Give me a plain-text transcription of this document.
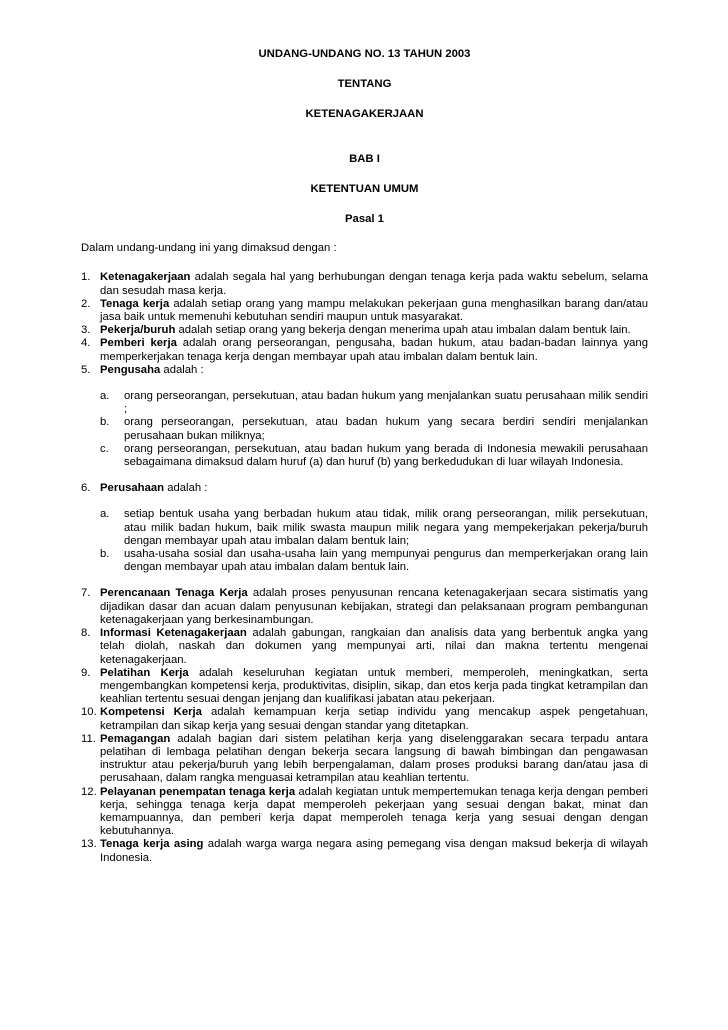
UNDANG-UNDANG NO. 13 TAHUN 2003
TENTANG
KETENAGAKERJAAN
BAB I
KETENTUAN UMUM
Pasal 1
Dalam undang-undang ini yang dimaksud dengan :
1. Ketenagakerjaan adalah segala hal yang berhubungan dengan tenaga kerja pada waktu sebelum, selama dan sesudah masa kerja.
2. Tenaga kerja adalah setiap orang yang mampu melakukan pekerjaan guna menghasilkan barang dan/atau jasa baik untuk memenuhi kebutuhan sendiri maupun untuk masyarakat.
3. Pekerja/buruh adalah setiap orang yang bekerja dengan menerima upah atau imbalan dalam bentuk lain.
4. Pemberi kerja adalah orang perseorangan, pengusaha, badan hukum, atau badan-badan lainnya yang memperkerjakan tenaga kerja dengan membayar upah atau imbalan dalam bentuk lain.
5. Pengusaha adalah :
a.	orang perseorangan, persekutuan, atau badan hukum yang menjalankan suatu perusahaan milik sendiri ;
b.	orang perseorangan, persekutuan, atau badan hukum yang secara berdiri sendiri menjalankan perusahaan bukan miliknya;
c.	orang perseorangan, persekutuan, atau badan hukum yang berada di Indonesia mewakili perusahaan sebagaimana dimaksud dalam huruf (a) dan huruf (b) yang berkedudukan di luar wilayah Indonesia.
6. Perusahaan adalah :
a.	setiap bentuk usaha yang berbadan hukum atau tidak, milik orang perseorangan, milik persekutuan, atau milik badan hukum, baik milik swasta maupun milik negara yang mempekerjakan pekerja/buruh dengan membayar upah atau imbalan dalam bentuk lain;
b.	usaha-usaha sosial dan usaha-usaha lain yang mempunyai pengurus dan memperkerjakan orang lain dengan membayar upah atau imbalan dalam bentuk lain.
7. Perencanaan Tenaga Kerja adalah proses penyusunan rencana ketenagakerjaan secara sistimatis yang dijadikan dasar dan acuan dalam penyusunan kebijakan, strategi dan pelaksanaan program pembangunan ketenagakerjaan yang berkesinambungan.
8. Informasi Ketenagakerjaan adalah gabungan, rangkaian dan analisis data yang berbentuk angka yang telah diolah, naskah dan dokumen yang mempunyai arti, nilai dan makna tertentu mengenai ketenagakerjaan.
9. Pelatihan Kerja adalah keseluruhan kegiatan untuk memberi, memperoleh, meningkatkan, serta mengembangkan kompetensi kerja, produktivitas, disiplin, sikap, dan etos kerja pada tingkat ketrampilan dan keahlian tertentu sesuai dengan jenjang dan kualifikasi jabatan atau pekerjaan.
10. Kompetensi Kerja adalah kemampuan kerja setiap individu yang mencakup aspek pengetahuan, ketrampilan dan sikap kerja yang sesuai dengan standar yang ditetapkan.
11. Pemagangan adalah bagian dari sistem pelatihan kerja yang diselenggarakan secara terpadu antara pelatihan di lembaga pelatihan dengan bekerja secara langsung di bawah bimbingan dan pengawasan instruktur atau pekerja/buruh yang lebih berpengalaman, dalam proses produksi barang dan/atau jasa di perusahaan, dalam rangka menguasai ketrampilan atau keahlian tertentu.
12. Pelayanan penempatan tenaga kerja adalah kegiatan untuk mempertemukan tenaga kerja dengan pemberi kerja, sehingga tenaga kerja dapat memperoleh pekerjaan yang sesuai dengan bakat, minat dan kemampuannya, dan pemberi kerja dapat memperoleh tenaga kerja yang sesuai dengan dengan kebutuhannya.
13. Tenaga kerja asing adalah warga warga negara asing pemegang visa dengan maksud bekerja di wilayah Indonesia.
